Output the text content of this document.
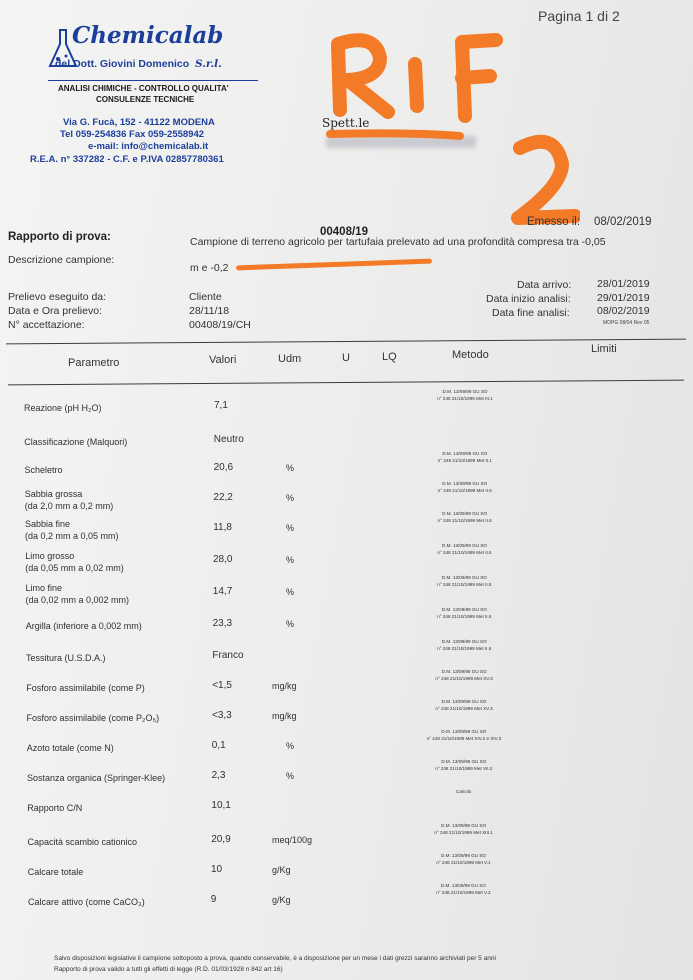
Pagina 1 di 2
Chemicalab
del Dott. Giovini Domenico S.r.l.
ANALISI CHIMICHE - CONTROLLO QUALITA'
CONSULENZE TECNICHE
Via G. Fucà, 152 - 41122 MODENA
Tel 059-254836 Fax 059-2558942
e-mail: info@chemicalab.it
R.E.A. n° 337282 - C.F. e P.IVA 02857780361
Spett.le
Rapporto di prova:	00408/19
Emesso il: 08/02/2019
Descrizione campione:
Campione di terreno agricolo per tartufaia prelevato ad una profondità compresa tra -0,05
m e -0,2
Prelievo eseguito da:	Cliente
Data e Ora prelievo:	28/11/18
N° accettazione:	00408/19/CH
Data arrivo: 28/01/2019
Data inizio analisi:	29/01/2019
Data fine analisi:	08/02/2019
MOPG 08/04 Rev 05
Parametro	Valori	Udm	U	LQ	Metodo	Limiti
Reazione (pH H₂O)	7,1
D.M. 13/09/99 GU SO
n° 248 21/10/1999 Met III.1
Classificazione (Malquori)	Neutro
Scheletro	20,6	%
D.M. 13/09/99 GU SO
n° 248 21/10/1999 Met II.1
Sabbia grossa
(da 2,0 mm a 0,2 mm)
22,2	%
D.M. 13/09/99 GU SO
n° 248 21/10/1999 Met II.6
Sabbia fine
(da 0,2 mm a 0,05 mm)
11,8	%
D.M. 13/09/99 GU SO
n° 248 21/10/1999 Met II.6
Limo grosso
(da 0,05 mm a 0,02 mm)
28,0	%
D.M. 13/09/99 GU SO
n° 248 21/10/1999 Met II.6
Limo fine
(da 0,02 mm a 0,002 mm)
14,7	%
D.M. 13/09/99 GU SO
n° 248 21/10/1999 Met II.5
Argilla (inferiore a 0,002 mm)	23,3	%
D.M. 13/09/99 GU SO
n° 248 21/10/1999 Met II.6
Tessitura (U.S.D.A.)	Franco
D.M. 13/09/99 GU SO
n° 248 21/10/1999 Met II.6
Fosforo assimilabile (come P)	<1,5	mg/kg
D.M. 13/09/99 GU SO
n° 248 21/10/1999 Met XV.3
Fosforo assimilabile (come P₂O₅)	<3,3	mg/kg
D.M. 13/09/99 GU SO
n° 248 21/10/1999 Met XV.3
Azoto totale (come N)	0,1	%
D.M. 13/09/99 GU SO
n° 248 21/10/1999 Met XIV.2 e XIV.3
Sostanza organica (Springer-Klee)	2,3	%
D.M. 13/09/99 GU SO
n° 248 21/10/1999 Met VII.2
Rapporto C/N	10,1
Calcolo
Capacità scambio cationico	20,9	meq/100g
D.M. 13/09/99 GU SO
n° 248 21/10/1999 Met XIII.1
Calcare totale	10	g/Kg
D.M. 13/09/99 GU SO
n° 248 21/10/1999 Met V.1
Calcare attivo (come CaCO₃)	9	g/Kg
D.M. 13/09/99 GU SO
n° 248 21/10/1999 Met V.2
Salvo disposizioni legislative il campione sottoposto a prova, quando conservabile, è a disposizione per un mese i dati grezzi saranno archiviati per 5 anni
Rapporto di prova valido a tutti gli effetti di legge (R.D. 01/03/1928 n 842 art 16)
